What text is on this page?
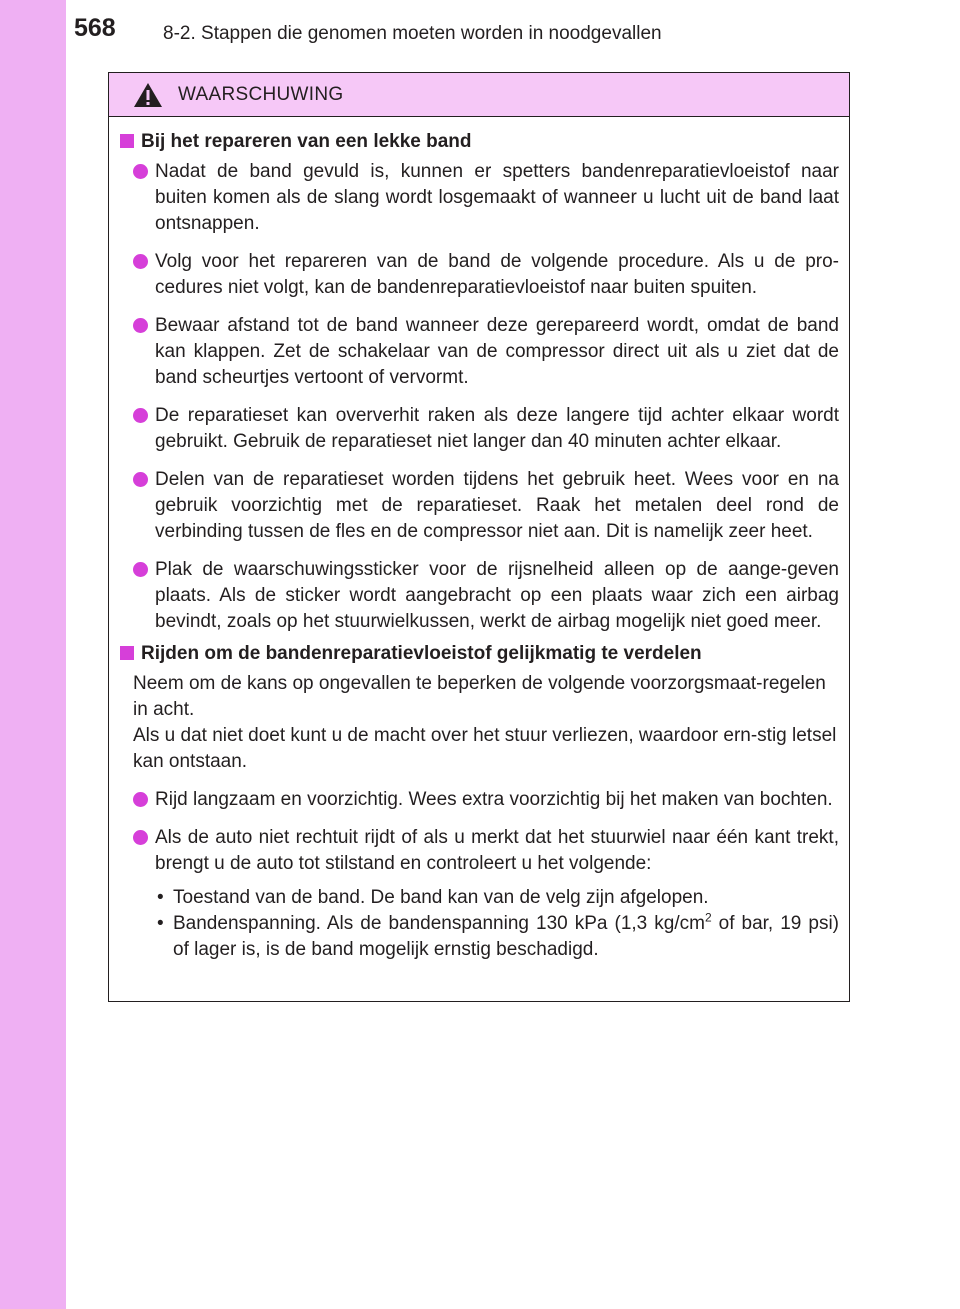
568 8-2. Stappen die genomen moeten worden in noodgevallen
WAARSCHUWING
Bij het repareren van een lekke band
Nadat de band gevuld is, kunnen er spetters bandenreparatievloeistof naar buiten komen als de slang wordt losgemaakt of wanneer u lucht uit de band laat ontsnappen.
Volg voor het repareren van de band de volgende procedure. Als u de pro-cedures niet volgt, kan de bandenreparatievloeistof naar buiten spuiten.
Bewaar afstand tot de band wanneer deze gerepareerd wordt, omdat de band kan klappen. Zet de schakelaar van de compressor direct uit als u ziet dat de band scheurtjes vertoont of vervormt.
De reparatieset kan oververhit raken als deze langere tijd achter elkaar wordt gebruikt. Gebruik de reparatieset niet langer dan 40 minuten achter elkaar.
Delen van de reparatieset worden tijdens het gebruik heet. Wees voor en na gebruik voorzichtig met de reparatieset. Raak het metalen deel rond de verbinding tussen de fles en de compressor niet aan. Dit is namelijk zeer heet.
Plak de waarschuwingssticker voor de rijsnelheid alleen op de aange-geven plaats. Als de sticker wordt aangebracht op een plaats waar zich een airbag bevindt, zoals op het stuurwielkussen, werkt de airbag mogelijk niet goed meer.
Rijden om de bandenreparatievloeistof gelijkmatig te verdelen
Neem om de kans op ongevallen te beperken de volgende voorzorgsmaat-regelen in acht.
Als u dat niet doet kunt u de macht over het stuur verliezen, waardoor ern-stig letsel kan ontstaan.
Rijd langzaam en voorzichtig. Wees extra voorzichtig bij het maken van bochten.
Als de auto niet rechtuit rijdt of als u merkt dat het stuurwiel naar één kant trekt, brengt u de auto tot stilstand en controleert u het volgende:
• Toestand van de band. De band kan van de velg zijn afgelopen.
• Bandenspanning. Als de bandenspanning 130 kPa (1,3 $kg/cm^2$ of bar, 19 psi) of lager is, is de band mogelijk ernstig beschadigd.
